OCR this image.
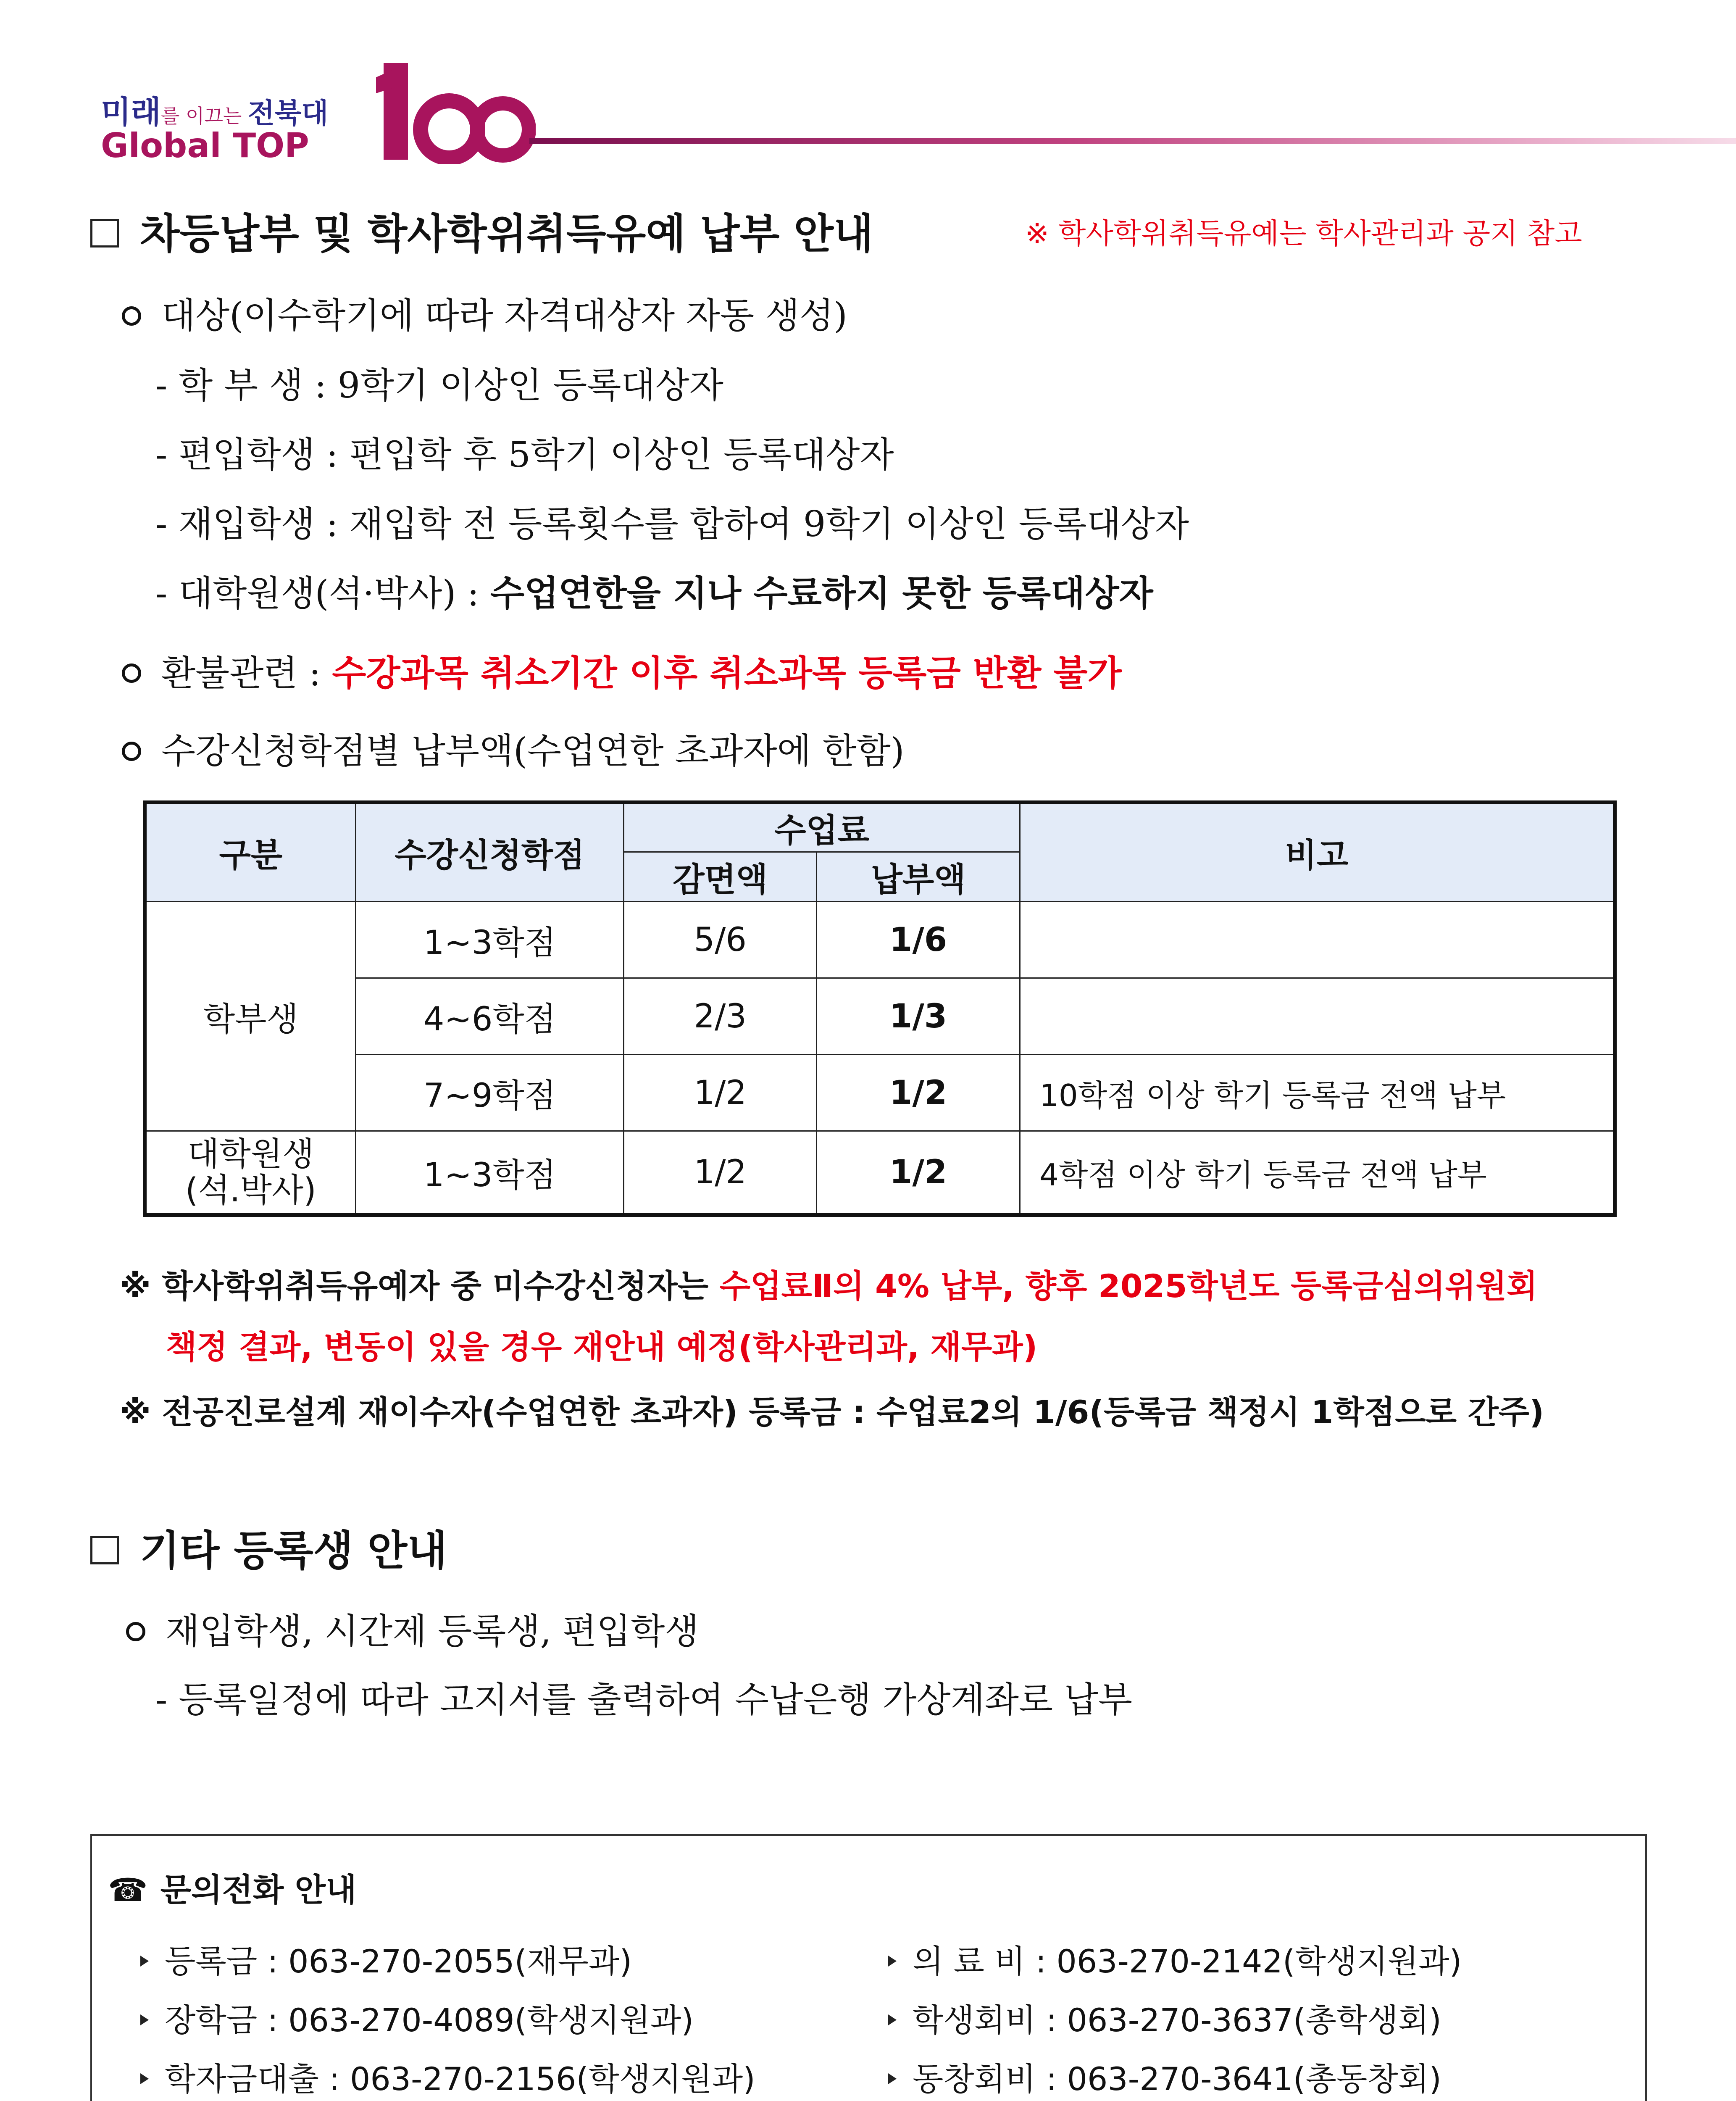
미래를 이끄는 전북대
Global TOP
차등납부 및 학사학위취득유예 납부 안내	※ 학사학위취득유예는 학사관리과 공지 참고
대상(이수학기에 따라 자격대상자 자동 생성)
- 학 부 생 : 9학기 이상인 등록대상자
- 편입학생 : 편입학 후 5학기 이상인 등록대상자
- 재입학생 : 재입학 전 등록횟수를 합하여 9학기 이상인 등록대상자
- 대학원생(석·박사) : 수업연한을 지나 수료하지 못한 등록대상자
환불관련 : 수강과목 취소기간 이후 취소과목 등록금 반환 불가
수강신청학점별 납부액(수업연한 초과자에 한함)
구분	수강신청학점	수업료		비고
		감면액	납부액	
학부생	1~3학점	5/6	1/6	
	4~6학점	2/3	1/3	
	7~9학점	1/2	1/2	10학점 이상 학기 등록금 전액 납부

대학원생
(석.박사)	1~3학점	1/2	1/2	4학점 이상 학기 등록금 전액 납부
※ 학사학위취득유예자 중 미수강신청자는 수업료Ⅱ의 4% 납부, 향후 2025학년도 등록금심의위원회
책정 결과, 변동이 있을 경우 재안내 예정(학사관리과, 재무과)
※ 전공진로설계 재이수자(수업연한 초과자) 등록금 : 수업료2의 1/6(등록금 책정시 1학점으로 간주)
기타 등록생 안내
재입학생, 시간제 등록생, 편입학생
- 등록일정에 따라 고지서를 출력하여 수납은행 가상계좌로 납부
☎ 문의전화 안내
등록금 : 063-270-2055(재무과)
장학금 : 063-270-4089(학생지원과)
학자금대출 : 063-270-2156(학생지원과)
의 료 비 : 063-270-2142(학생지원과)
학생회비 : 063-270-3637(총학생회)
동창회비 : 063-270-3641(총동창회)
